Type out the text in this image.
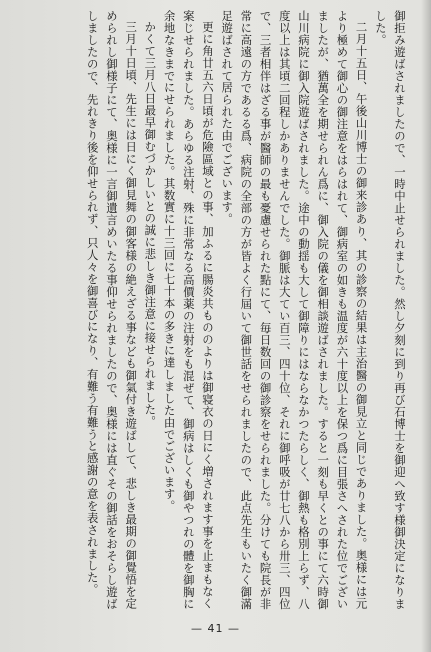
御拒み遊ばされましたので、一時中止せられました。然し夕刻に到り再び石博士を御迎へ致す様御決定になりました。

二月十五日、午後山川博士の御来診あり、其の診察の結果は主治醫の御見立と同じでありました。奥様には元より極めて御心の御注意をはらはれて、御病室の如きも温度が六十度以上を保つ爲に目張さへされた位でございましたが、猶萬全を期せられん爲に、御入院の儀を御相談遊ばされました。すると一刻も早くとの事にて六時御山川病院に御入院遊ばされました。途中の動揺も大して御障りにはならなかつたらしく、御熱も格別上らず、八度以上は其頃二回程しかありませんでした。御脈は大てい百三、四十位、それに御呼吸が廿七八から卅三、四位で、三者相伴はざる事が醫師の最も憂慮せられた點にて、毎日数回の御診察をせられました。分けても院長が非常に高遠の方であるる爲、病院の全部の方が皆よく行屆いて御世話をせられましたので、此点先生もいたく御滿足遊ばされて居られた由でございます。

更に角廿五六日頃が危險區域との事、加ふるに腸炎共もののよりは御寝衣の日にく増されます事を止まもなく案じせられました。あらゆる注射、殊に非常なる高價薬の注射をも混ぜて、御病はしくも御やつれの體を御胸に余地なきまでにせられました。其数實に十三回に七十本の多きに達しました由でございます。

かくて三月八日最早御むづかしいとの誠に悲しき御注意に接せられました。

三月十日頃、先生には日にく御見舞の御客様の絶えざる事なども御氣付き遊ばして、悲しき最期の御覺悟を定められし御様子にて、奥様に一言御遺言めいたる事仰せられましたので、奥様には直ぐその御話をおそらし遊ばしましたので、先れきり後を仰せられず、只人々を御喜びになり、有難う有難うと感謝の意を表されました。

— 41 —
